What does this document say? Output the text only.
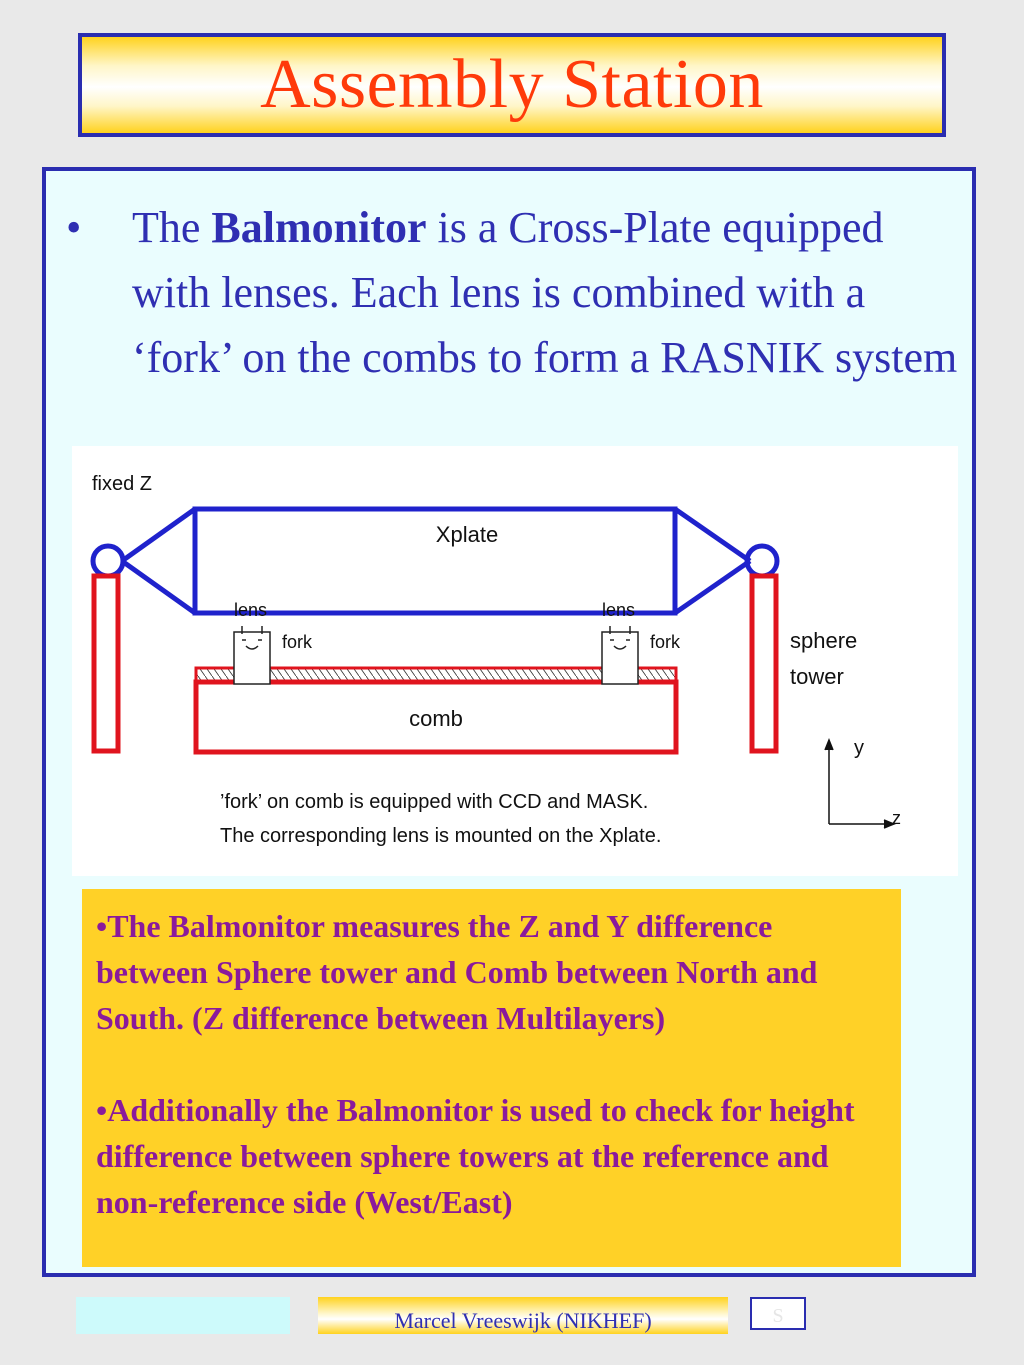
Assembly Station
• The Balmonitor is a Cross-Plate equipped with lenses. Each lens is combined with a ‘fork’ on the combs to form a RASNIK system
fixed Z
Xplate
comb
lens
fork
lens
fork	sphere
tower
y
z
’fork’ on comb is equipped with CCD and MASK.
The corresponding lens is mounted on the Xplate.

•The Balmonitor measures the Z and Y difference between Sphere tower and Comb between North and South. (Z difference between Multilayers)

•Additionally the Balmonitor is used to check for height difference between sphere towers at the reference and non-reference side (West/East)

Marcel Vreeswijk (NIKHEF)	S
